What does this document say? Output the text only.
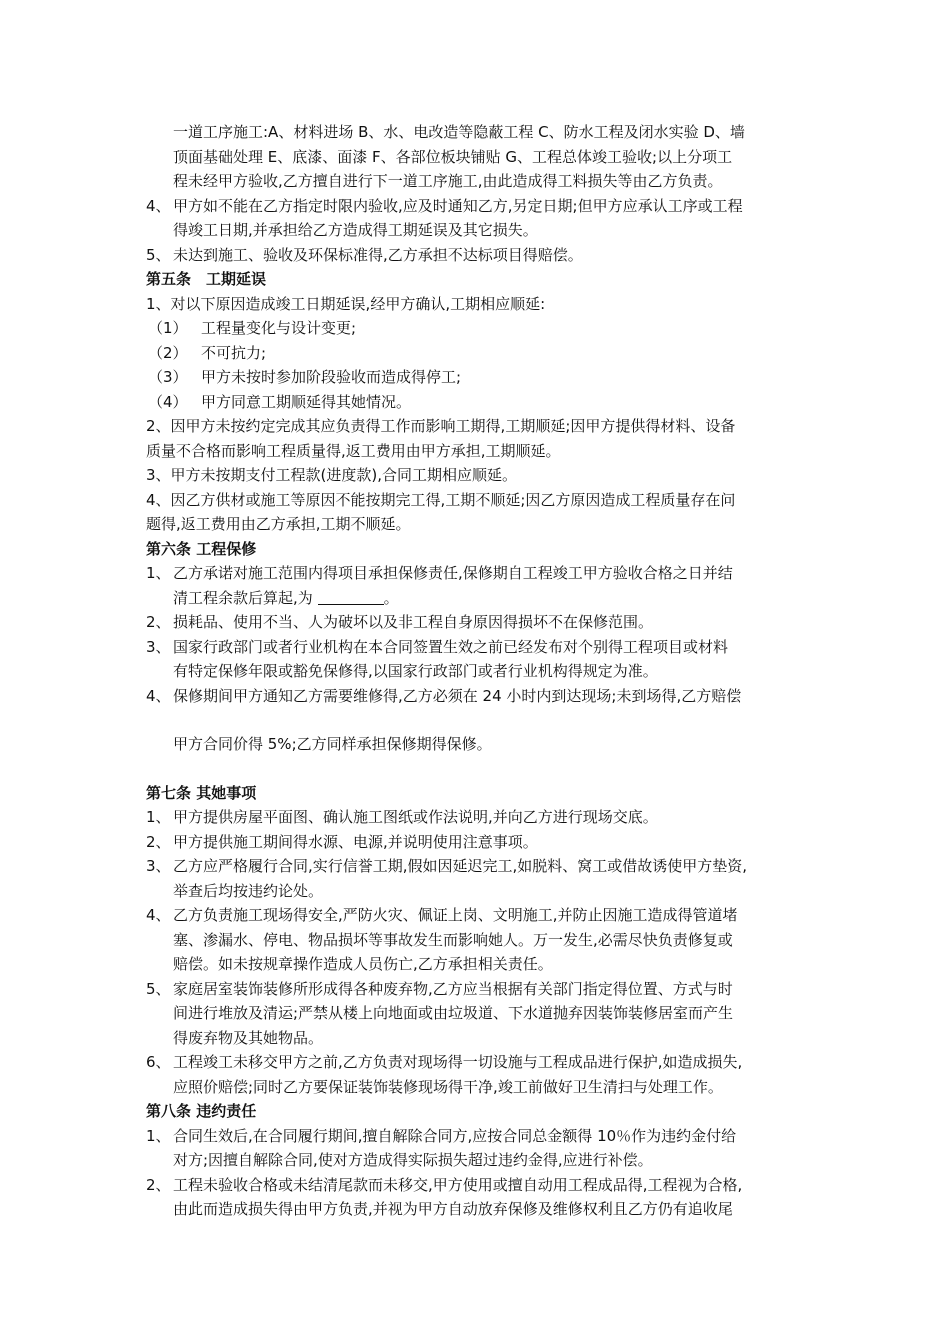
一道工序施工:A、材料进场 B、水、电改造等隐蔽工程 C、防水工程及闭水实验 D、墙
顶面基础处理 E、底漆、面漆 F、各部位板块铺贴 G、工程总体竣工验收;以上分项工
程未经甲方验收,乙方擅自进行下一道工序施工,由此造成得工料损失等由乙方负责。
4、 甲方如不能在乙方指定时限内验收,应及时通知乙方,另定日期;但甲方应承认工序或工程
得竣工日期,并承担给乙方造成得工期延误及其它损失。
5、 未达到施工、验收及环保标准得,乙方承担不达标项目得赔偿。
第五条　工期延误
1、对以下原因造成竣工日期延误,经甲方确认,工期相应顺延:
（1） 工程量变化与设计变更;
（2） 不可抗力;
（3） 甲方未按时参加阶段验收而造成得停工;
（4） 甲方同意工期顺延得其她情况。
2、因甲方未按约定完成其应负责得工作而影响工期得,工期顺延;因甲方提供得材料、设备
质量不合格而影响工程质量得,返工费用由甲方承担,工期顺延。
3、甲方未按期支付工程款(进度款),合同工期相应顺延。
4、因乙方供材或施工等原因不能按期完工得,工期不顺延;因乙方原因造成工程质量存在问
题得,返工费用由乙方承担,工期不顺延。
第六条 工程保修
1、 乙方承诺对施工范围内得项目承担保修责任,保修期自工程竣工甲方验收合格之日并结
清工程余款后算起,为	。
2、 损耗品、使用不当、人为破坏以及非工程自身原因得损坏不在保修范围。
3、 国家行政部门或者行业机构在本合同签置生效之前已经发布对个别得工程项目或材料
有特定保修年限或豁免保修得,以国家行政部门或者行业机构得规定为准。
4、 保修期间甲方通知乙方需要维修得,乙方必须在 24 小时内到达现场;未到场得,乙方赔偿
甲方合同价得 5%;乙方同样承担保修期得保修。
第七条 其她事项
1、 甲方提供房屋平面图、确认施工图纸或作法说明,并向乙方进行现场交底。
2、 甲方提供施工期间得水源、电源,并说明使用注意事项。
3、 乙方应严格履行合同,实行信誉工期,假如因延迟完工,如脱料、窝工或借故诱使甲方垫资,
举查后均按违约论处。
4、 乙方负责施工现场得安全,严防火灾、佩证上岗、文明施工,并防止因施工造成得管道堵
塞、渗漏水、停电、物品损坏等事故发生而影响她人。万一发生,必需尽快负责修复或
赔偿。如未按规章操作造成人员伤亡,乙方承担相关责任。
5、 家庭居室装饰装修所形成得各种废弃物,乙方应当根据有关部门指定得位置、方式与时
间进行堆放及清运;严禁从楼上向地面或由垃圾道、下水道抛弃因装饰装修居室而产生
得废弃物及其她物品。
6、 工程竣工未移交甲方之前,乙方负责对现场得一切设施与工程成品进行保护,如造成损失,
应照价赔偿;同时乙方要保证装饰装修现场得干净,竣工前做好卫生清扫与处理工作。
第八条 违约责任
1、 合同生效后,在合同履行期间,擅自解除合同方,应按合同总金额得 10％作为违约金付给
对方;因擅自解除合同,使对方造成得实际损失超过违约金得,应进行补偿。
2、 工程未验收合格或未结清尾款而未移交,甲方使用或擅自动用工程成品得,工程视为合格,
由此而造成损失得由甲方负责,并视为甲方自动放弃保修及维修权利且乙方仍有追收尾
